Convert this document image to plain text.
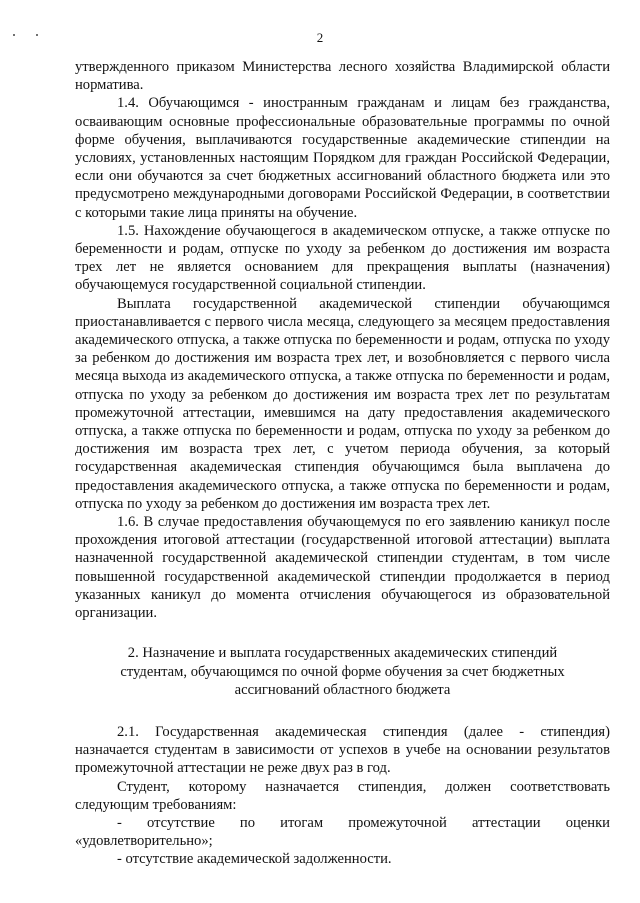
2

утвержденного приказом Министерства лесного хозяйства Владимирской области норматива.

1.4. Обучающимся - иностранным гражданам и лицам без гражданства, осваивающим основные профессиональные образовательные программы по очной форме обучения, выплачиваются государственные академические стипендии на условиях, установленных настоящим Порядком для граждан Российской Федерации, если они обучаются за счет бюджетных ассигнований областного бюджета или это предусмотрено международными договорами Российской Федерации, в соответствии с которыми такие лица приняты на обучение.

1.5. Нахождение обучающегося в академическом отпуске, а также отпуске по беременности и родам, отпуске по уходу за ребенком до достижения им возраста трех лет не является основанием для прекращения выплаты (назначения) обучающемуся государственной социальной стипендии.

Выплата государственной академической стипендии обучающимся приостанавливается с первого числа месяца, следующего за месяцем предоставления академического отпуска, а также отпуска по беременности и родам, отпуска по уходу за ребенком до достижения им возраста трех лет, и возобновляется с первого числа месяца выхода из академического отпуска, а также отпуска по беременности и родам, отпуска по уходу за ребенком до достижения им возраста трех лет по результатам промежуточной аттестации, имевшимся на дату предоставления академического отпуска, а также отпуска по беременности и родам, отпуска по уходу за ребенком до достижения им возраста трех лет, с учетом периода обучения, за который государственная академическая стипендия обучающимся была выплачена до предоставления академического отпуска, а также отпуска по беременности и родам, отпуска по уходу за ребенком до достижения им возраста трех лет.

1.6. В случае предоставления обучающемуся по его заявлению каникул после прохождения итоговой аттестации (государственной итоговой аттестации) выплата назначенной государственной академической стипендии студентам, в том числе повышенной государственной академической стипендии продолжается в период указанных каникул до момента отчисления обучающегося из образовательной организации.

2. Назначение и выплата государственных академических стипендий студентам, обучающимся по очной форме обучения за счет бюджетных ассигнований областного бюджета

2.1. Государственная академическая стипендия (далее - стипендия) назначается студентам в зависимости от успехов в учебе на основании результатов промежуточной аттестации не реже двух раз в год.

Студент, которому назначается стипендия, должен соответствовать следующим требованиям:

- отсутствие по итогам промежуточной аттестации оценки «удовлетворительно»;

- отсутствие академической задолженности.
